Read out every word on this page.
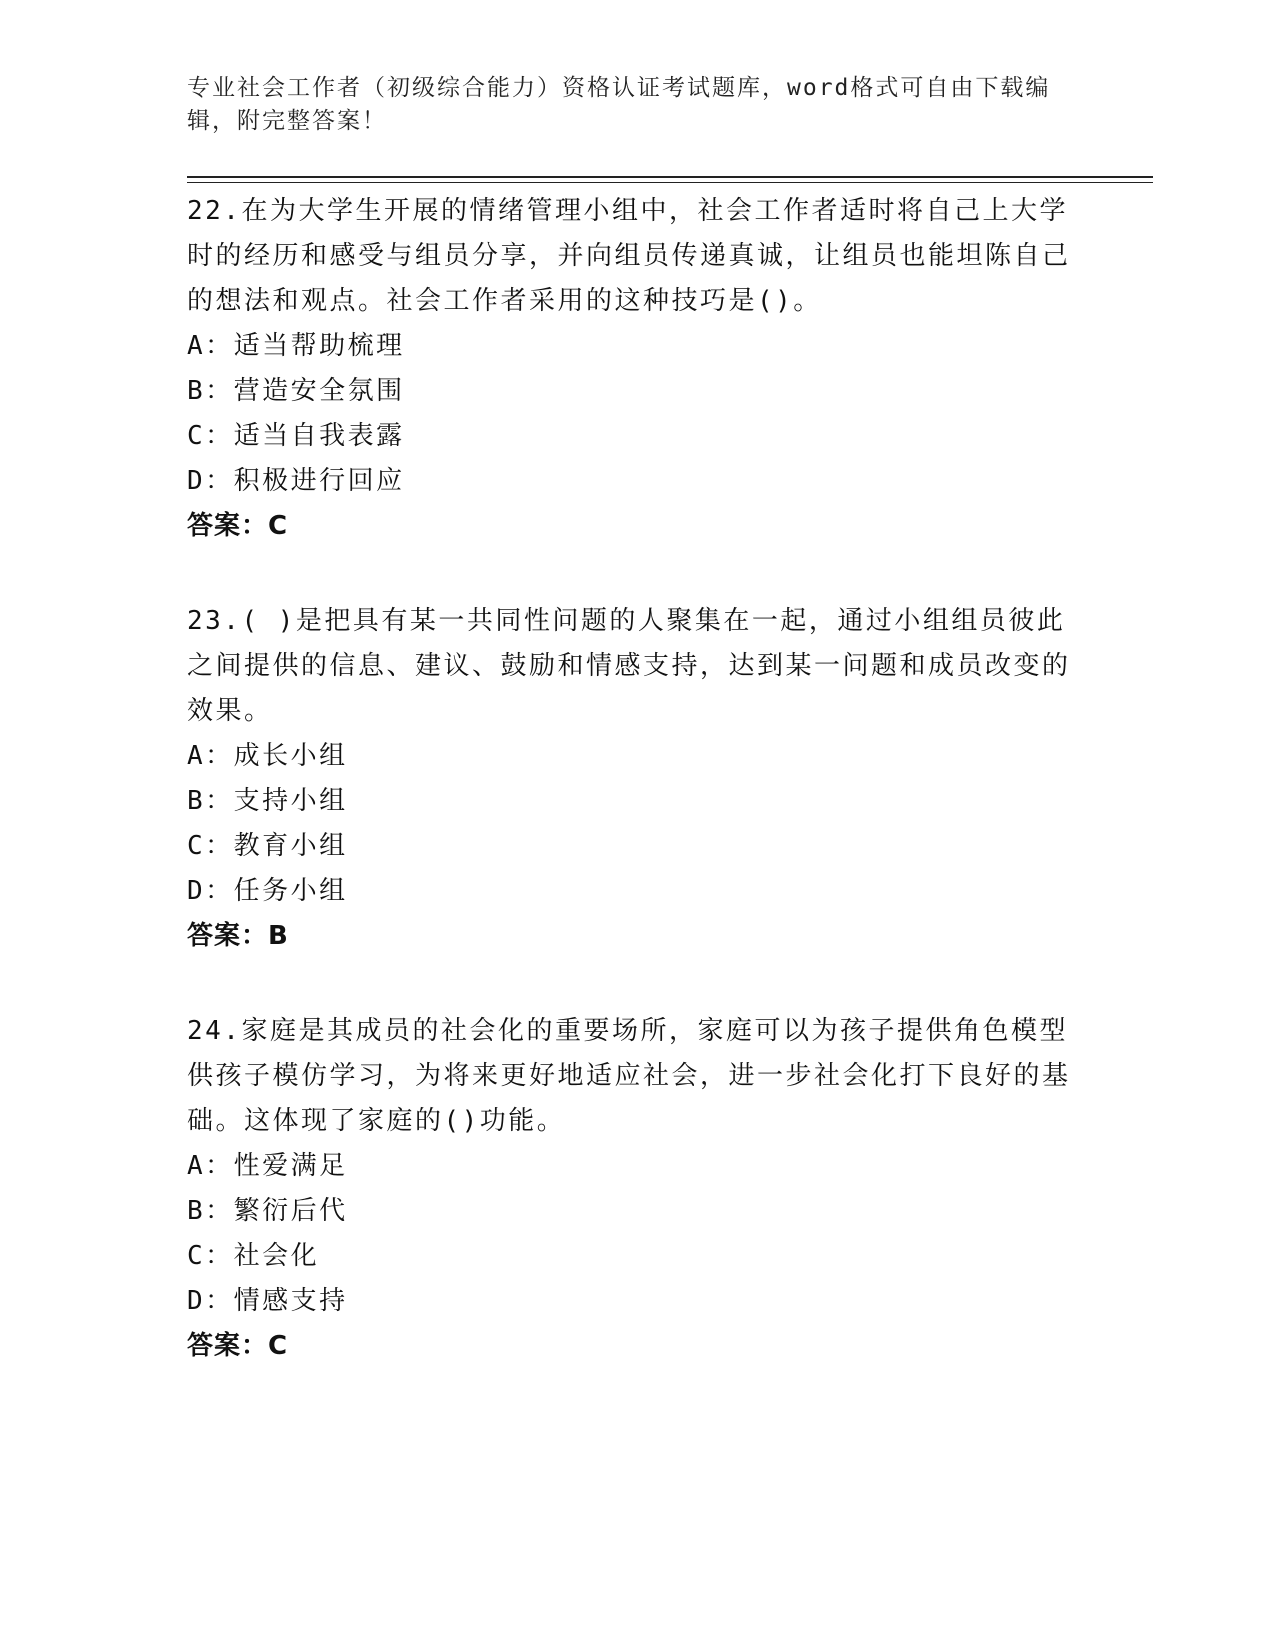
专业社会工作者（初级综合能力）资格认证考试题库，word格式可自由下载编辑，附完整答案！

22.在为大学生开展的情绪管理小组中，社会工作者适时将自己上大学时的经历和感受与组员分享，并向组员传递真诚，让组员也能坦陈自己的想法和观点。社会工作者采用的这种技巧是()。

A：适当帮助梳理

B：营造安全氛围

C：适当自我表露

D：积极进行回应

答案：C

23.( )是把具有某一共同性问题的人聚集在一起，通过小组组员彼此之间提供的信息、建议、鼓励和情感支持，达到某一问题和成员改变的效果。

A：成长小组

B：支持小组

C：教育小组

D：任务小组

答案：B

24.家庭是其成员的社会化的重要场所，家庭可以为孩子提供角色模型供孩子模仿学习，为将来更好地适应社会，进一步社会化打下良好的基础。这体现了家庭的()功能。

A：性爱满足

B：繁衍后代

C：社会化

D：情感支持

答案：C
